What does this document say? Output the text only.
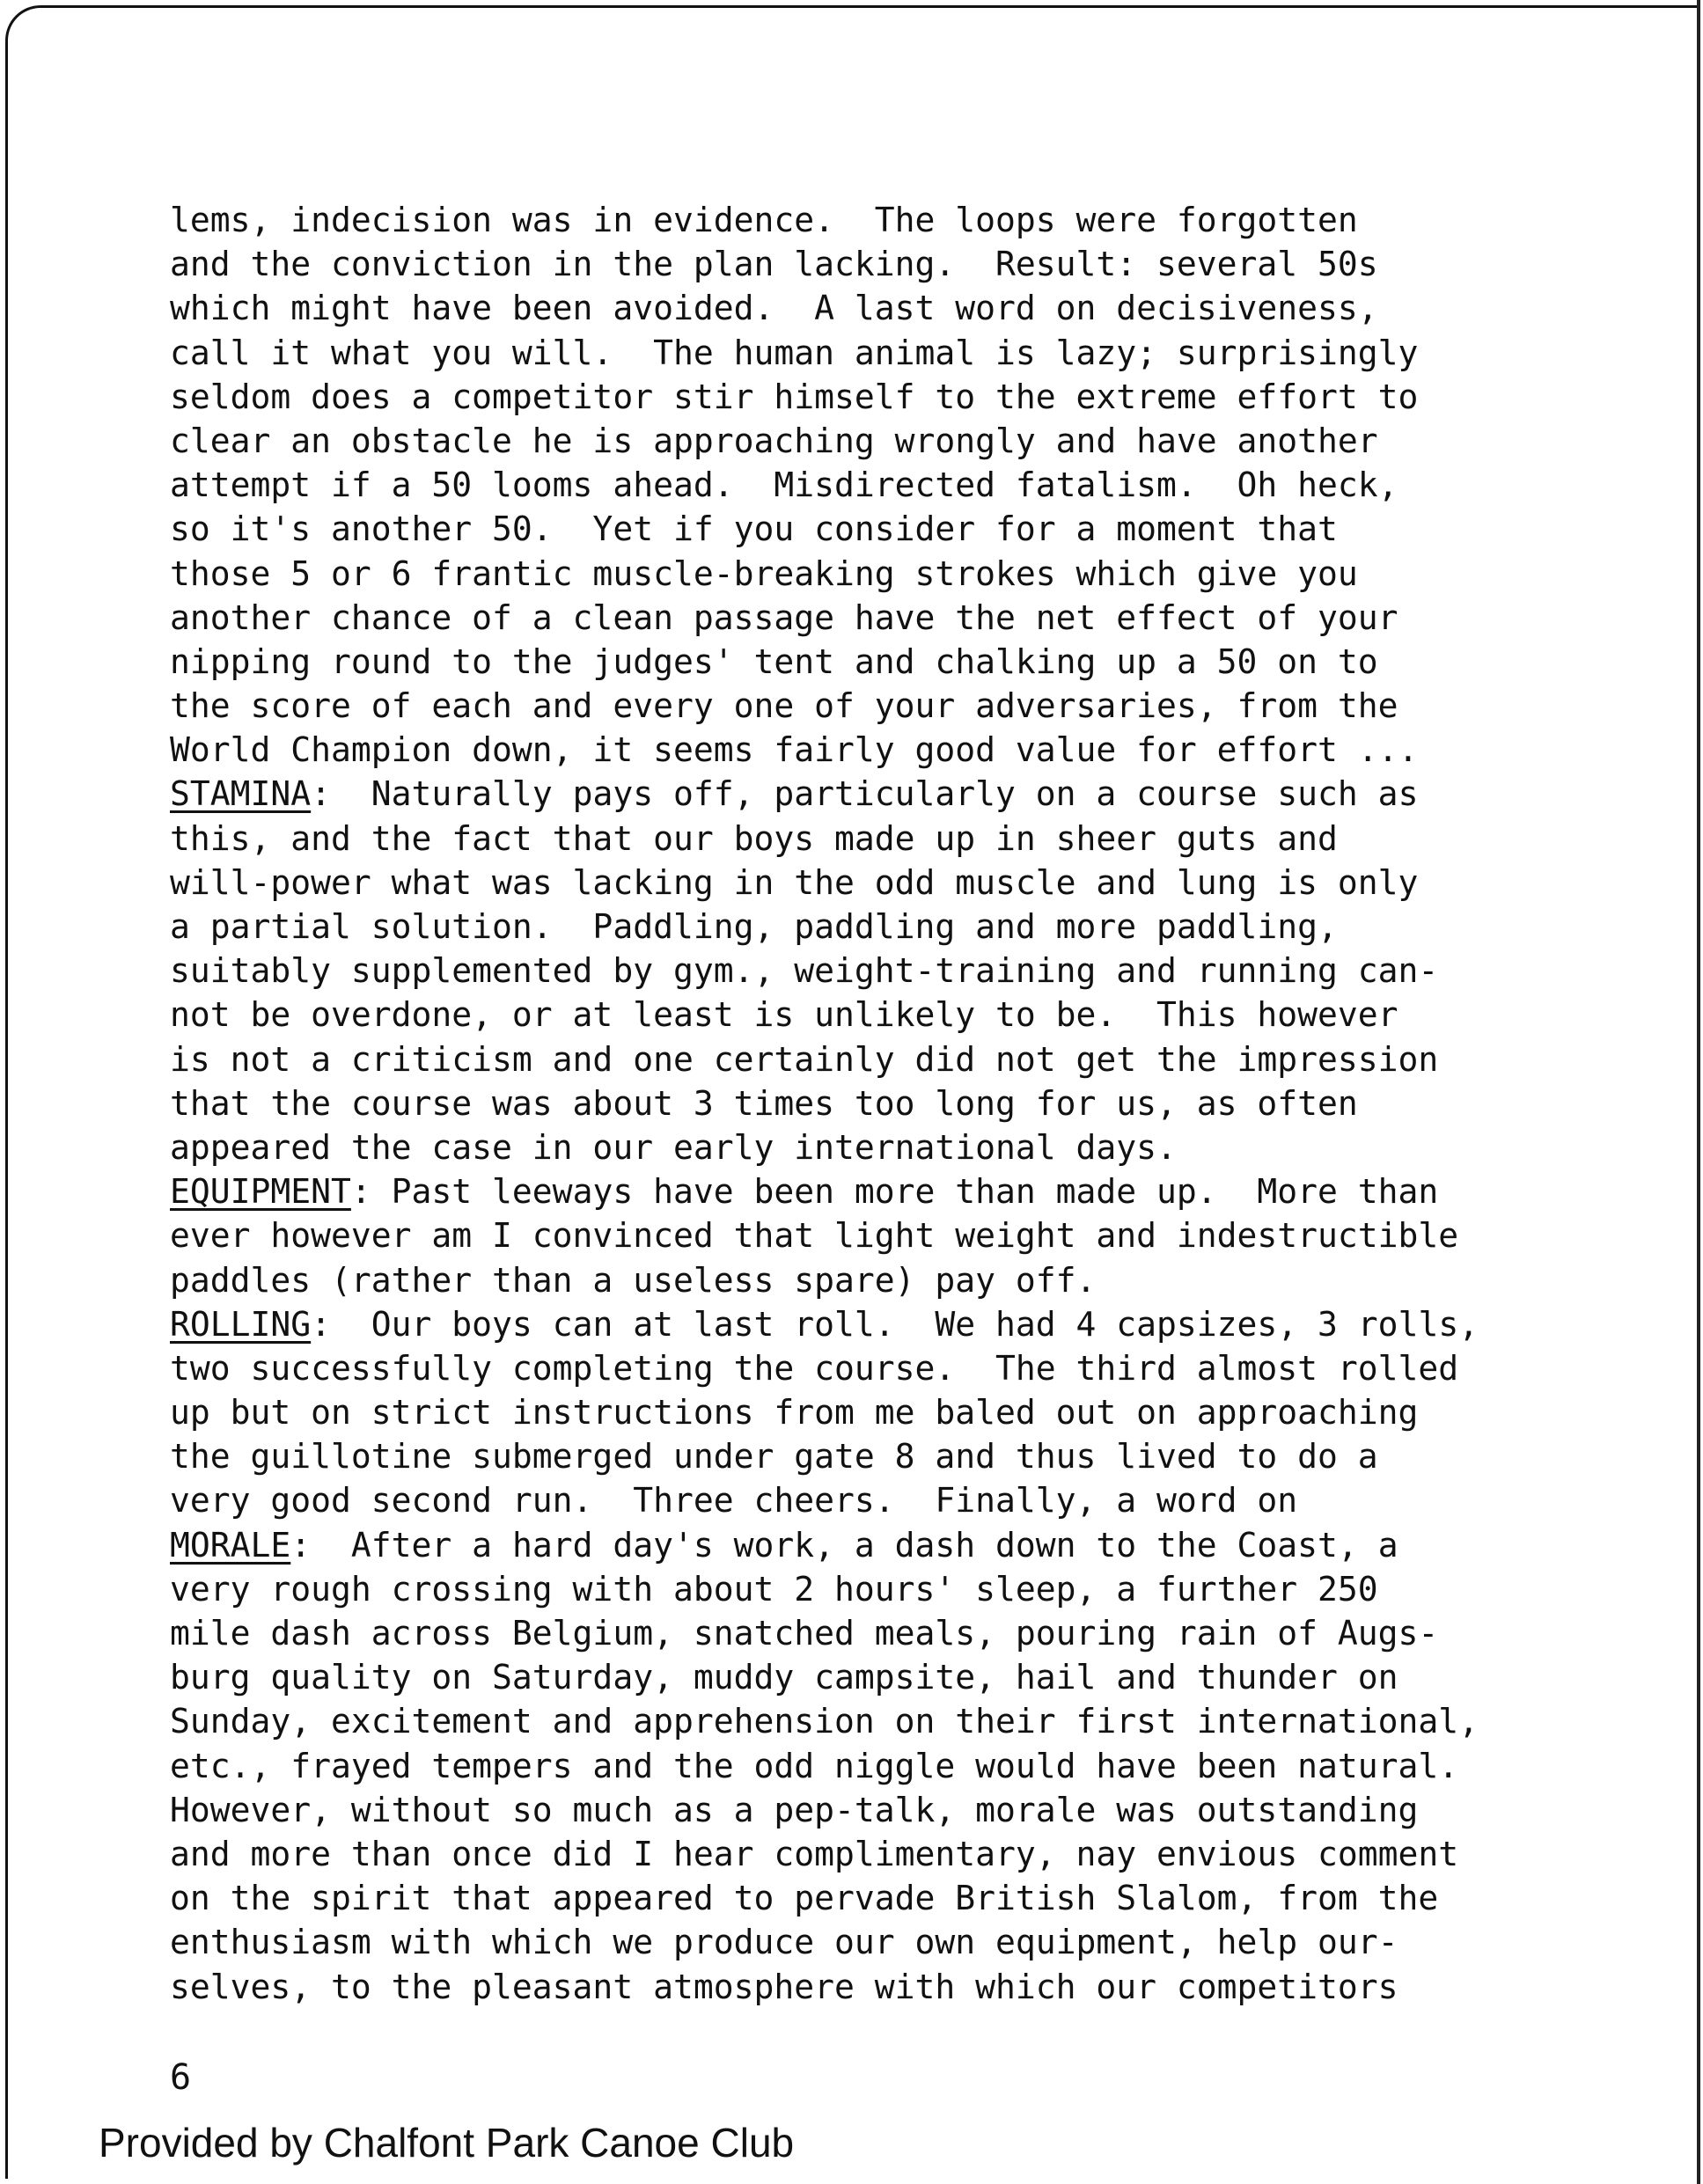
lems, indecision was in evidence.  The loops were forgotten
and the conviction in the plan lacking.  Result: several 50s
which might have been avoided.  A last word on decisiveness,
call it what you will.  The human animal is lazy; surprisingly
seldom does a competitor stir himself to the extreme effort to
clear an obstacle he is approaching wrongly and have another
attempt if a 50 looms ahead.  Misdirected fatalism.  Oh heck,
so it's another 50.  Yet if you consider for a moment that
those 5 or 6 frantic muscle-breaking strokes which give you
another chance of a clean passage have the net effect of your
nipping round to the judges' tent and chalking up a 50 on to
the score of each and every one of your adversaries, from the
World Champion down, it seems fairly good value for effort ...
STAMINA:  Naturally pays off, particularly on a course such as
this, and the fact that our boys made up in sheer guts and
will-power what was lacking in the odd muscle and lung is only
a partial solution.  Paddling, paddling and more paddling,
suitably supplemented by gym., weight-training and running can-
not be overdone, or at least is unlikely to be.  This however
is not a criticism and one certainly did not get the impression
that the course was about 3 times too long for us, as often
appeared the case in our early international days.
EQUIPMENT: Past leeways have been more than made up.  More than
ever however am I convinced that light weight and indestructible
paddles (rather than a useless spare) pay off.
ROLLING:  Our boys can at last roll.  We had 4 capsizes, 3 rolls,
two successfully completing the course.  The third almost rolled
up but on strict instructions from me baled out on approaching
the guillotine submerged under gate 8 and thus lived to do a
very good second run.  Three cheers.  Finally, a word on
MORALE:  After a hard day's work, a dash down to the Coast, a
very rough crossing with about 2 hours' sleep, a further 250
mile dash across Belgium, snatched meals, pouring rain of Augs-
burg quality on Saturday, muddy campsite, hail and thunder on
Sunday, excitement and apprehension on their first international,
etc., frayed tempers and the odd niggle would have been natural.
However, without so much as a pep-talk, morale was outstanding
and more than once did I hear complimentary, nay envious comment
on the spirit that appeared to pervade British Slalom, from the
enthusiasm with which we produce our own equipment, help our-
selves, to the pleasant atmosphere with which our competitors
6
Provided by Chalfont Park Canoe Club
